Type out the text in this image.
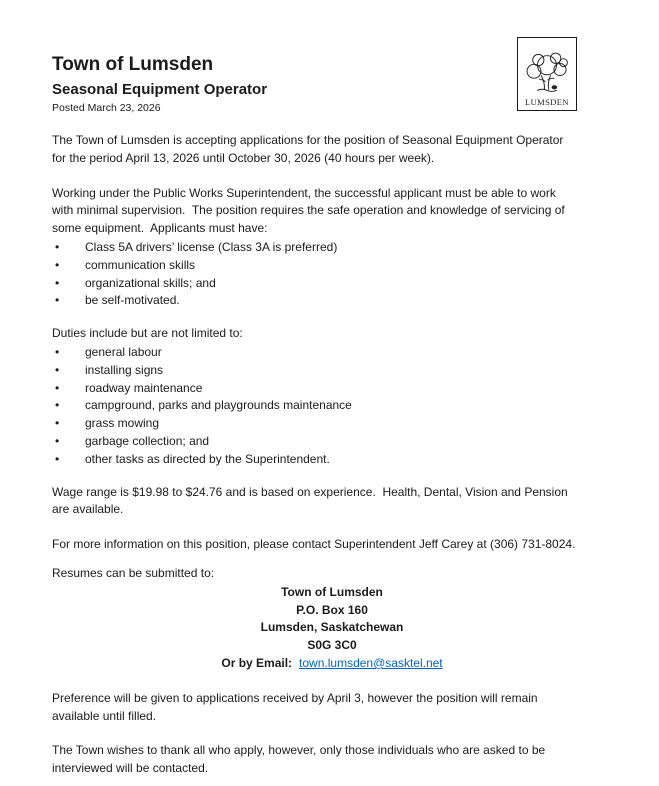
Town of Lumsden
Seasonal Equipment Operator
Posted March 23, 2026	LUMSDEN

The Town of Lumsden is accepting applications for the position of Seasonal Equipment Operator
for the period April 13, 2026 until October 30, 2026 (40 hours per week).

Working under the Public Works Superintendent, the successful applicant must be able to work
with minimal supervision.  The position requires the safe operation and knowledge of servicing of
some equipment.  Applicants must have:

• Class 5A drivers’ license (Class 3A is preferred)
• communication skills
• organizational skills; and
• be self-motivated.

Duties include but are not limited to:

• general labour
• installing signs
• roadway maintenance
• campground, parks and playgrounds maintenance
• grass mowing
• garbage collection; and
• other tasks as directed by the Superintendent.

Wage range is $19.98 to $24.76 and is based on experience.  Health, Dental, Vision and Pension
are available.

For more information on this position, please contact Superintendent Jeff Carey at (306) 731-8024.

Resumes can be submitted to:

Town of Lumsden
P.O. Box 160
Lumsden, Saskatchewan
S0G 3C0
Or by Email: town.lumsden@sasktel.net

Preference will be given to applications received by April 3, however the position will remain
available until filled.

The Town wishes to thank all who apply, however, only those individuals who are asked to be
interviewed will be contacted.
